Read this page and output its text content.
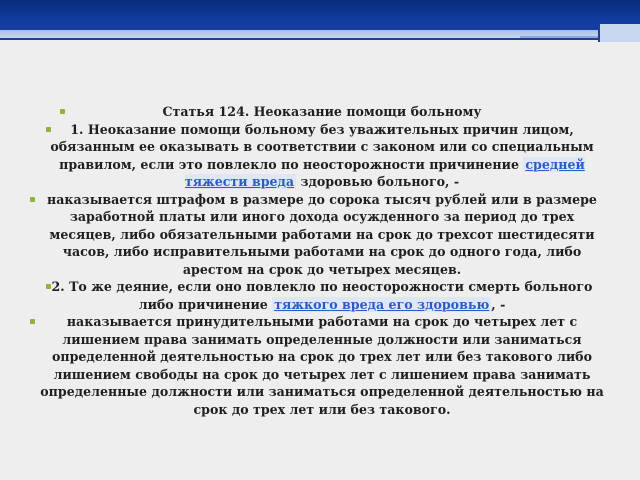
Статья 124. Неоказание помощи больному

1. Неоказание помощи больному без уважительных причин лицом, обязанным ее оказывать в соответствии с законом или со специальным правилом, если это повлекло по неосторожности причинение средней тяжести вреда здоровью больного, -

наказывается штрафом в размере до сорока тысяч рублей или в размере заработной платы или иного дохода осужденного за период до трех месяцев, либо обязательными работами на срок до трехсот шестидесяти часов, либо исправительными работами на срок до одного года, либо арестом на срок до четырех месяцев.

2. То же деяние, если оно повлекло по неосторожности смерть больного либо причинение тяжкого вреда его здоровью , -

наказывается принудительными работами на срок до четырех лет с лишением права занимать определенные должности или заниматься определенной деятельностью на срок до трех лет или без такового либо лишением свободы на срок до четырех лет с лишением права занимать определенные должности или заниматься определенной деятельностью на срок до трех лет или без такового.
